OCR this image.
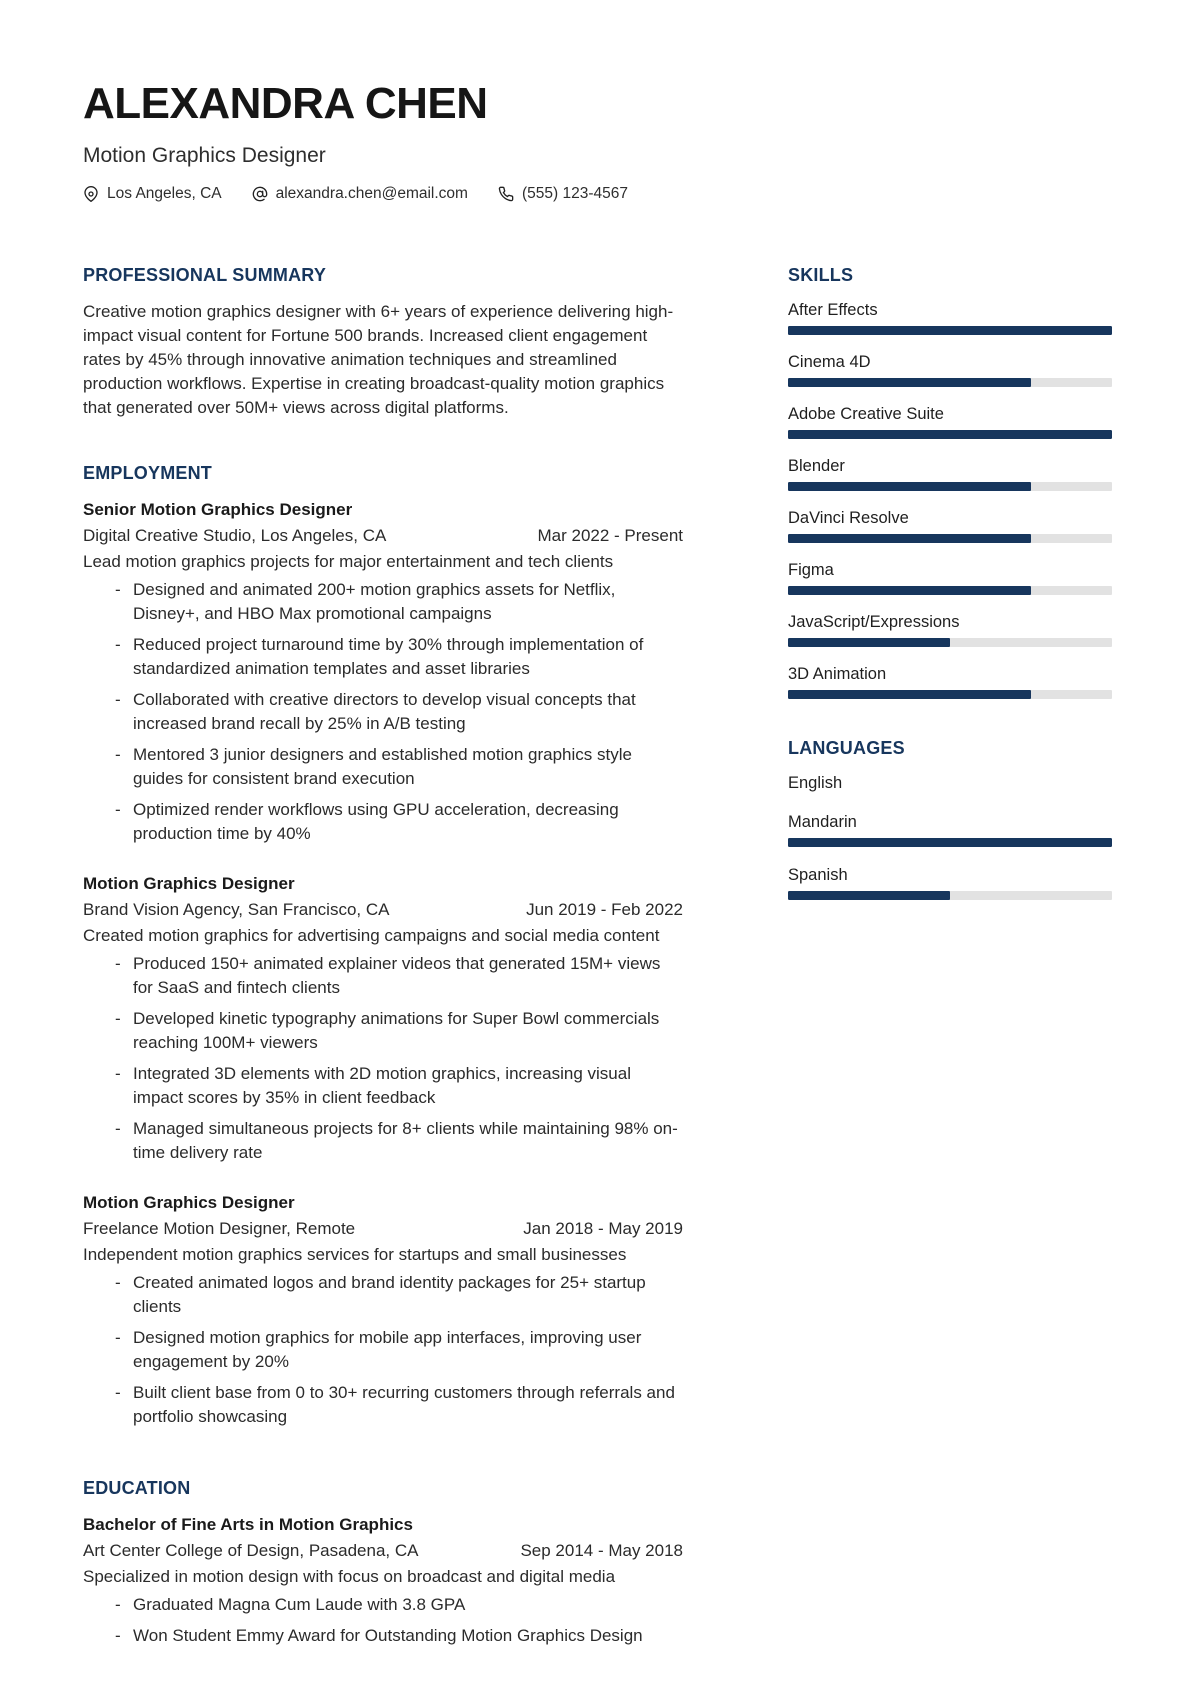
ALEXANDRA CHEN
Motion Graphics Designer
Los Angeles, CA	alexandra.chen@email.com	(555) 123-4567
PROFESSIONAL SUMMARY

Creative motion graphics designer with 6+ years of experience delivering high-impact visual content for Fortune 500 brands. Increased client engagement rates by 45% through innovative animation techniques and streamlined production workflows. Expertise in creating broadcast-quality motion graphics that generated over 50M+ views across digital platforms.

EMPLOYMENT
Senior Motion Graphics Designer
Digital Creative Studio, Los Angeles, CA	Mar 2022 - Present
Lead motion graphics projects for major entertainment and tech clients
- Designed and animated 200+ motion graphics assets for Netflix, Disney+, and HBO Max promotional campaigns
- Reduced project turnaround time by 30% through implementation of standardized animation templates and asset libraries
- Collaborated with creative directors to develop visual concepts that increased brand recall by 25% in A/B testing
- Mentored 3 junior designers and established motion graphics style guides for consistent brand execution
- Optimized render workflows using GPU acceleration, decreasing production time by 40%
Motion Graphics Designer
Brand Vision Agency, San Francisco, CA	Jun 2019 - Feb 2022
Created motion graphics for advertising campaigns and social media content
- Produced 150+ animated explainer videos that generated 15M+ views for SaaS and fintech clients
- Developed kinetic typography animations for Super Bowl commercials reaching 100M+ viewers
- Integrated 3D elements with 2D motion graphics, increasing visual impact scores by 35% in client feedback
- Managed simultaneous projects for 8+ clients while maintaining 98% on-time delivery rate
Motion Graphics Designer
Freelance Motion Designer, Remote	Jan 2018 - May 2019
Independent motion graphics services for startups and small businesses
- Created animated logos and brand identity packages for 25+ startup clients
- Designed motion graphics for mobile app interfaces, improving user engagement by 20%
- Built client base from 0 to 30+ recurring customers through referrals and portfolio showcasing
EDUCATION
Bachelor of Fine Arts in Motion Graphics
Art Center College of Design, Pasadena, CA	Sep 2014 - May 2018
Specialized in motion design with focus on broadcast and digital media
- Graduated Magna Cum Laude with 3.8 GPA
- Won Student Emmy Award for Outstanding Motion Graphics Design
SKILLS
After Effects
Cinema 4D
Adobe Creative Suite
Blender
DaVinci Resolve
Figma
JavaScript/Expressions
3D Animation
LANGUAGES
English
Mandarin
Spanish
